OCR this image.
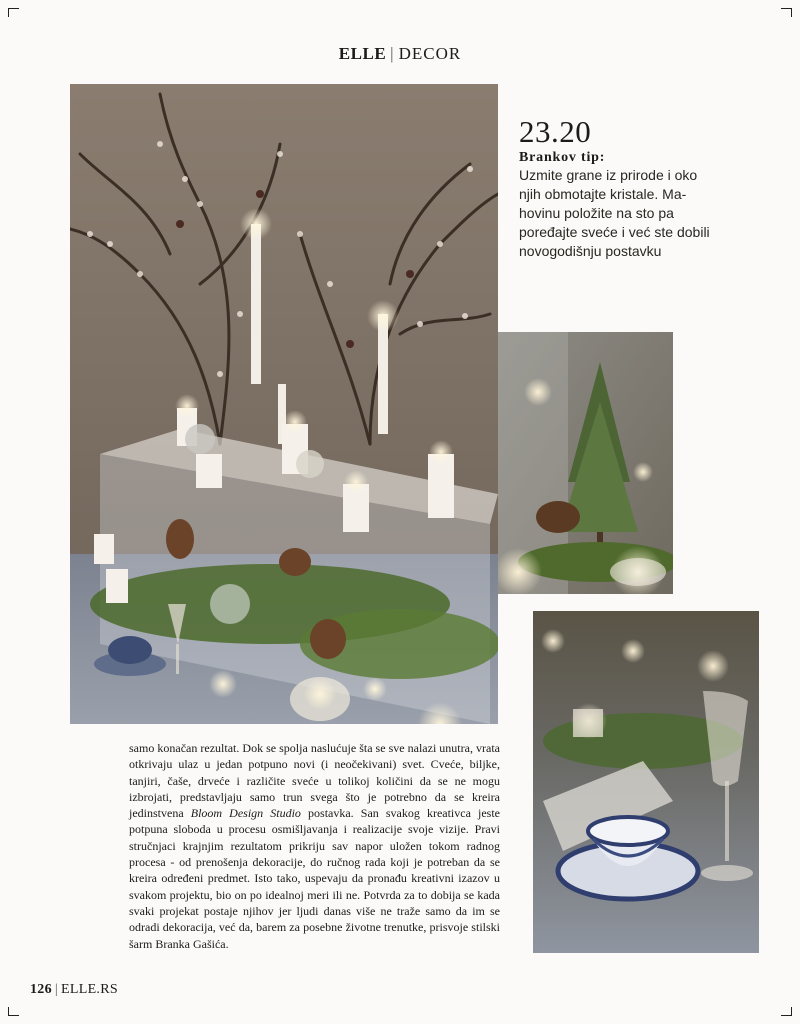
ELLE | DECOR
23.20
Brankov tip:
Uzmite grane iz prirode i oko
njih obmotajte kristale. Ma-
hovinu položite na sto pa
poređajte sveće i već ste dobili
novogodišnju postavku
samo konačan rezultat. Dok se spolja naslućuje šta se sve nalazi unutra, vrata otkrivaju ulaz u jedan potpuno novi (i neočekivani) svet. Cveće, biljke, tanjiri, čaše, drveće i različite sveće u tolikoj količini da se ne mogu izbrojati, predstavljaju samo trun svega što je potrebno da se kreira jedinstvena Bloom Design Studio postavka. San svakog kreativca jeste potpuna sloboda u procesu osmišljavanja i realizacije svoje vizije. Pravi stručnjaci krajnjim rezultatom prikriju sav napor uložen tokom radnog procesa - od prenošenja dekoracije, do ručnog rada koji je potreban da se kreira određeni predmet. Isto tako, uspevaju da pronađu kreativni izazov u svakom projektu, bio on po idealnoj meri ili ne. Potvrda za to dobija se kada svaki projekat postaje njihov jer ljudi danas više ne traže samo da im se odradi dekoracija, već da, barem za posebne životne trenutke, prisvoje stilski šarm Branka Gašića.
126 | ELLE.RS
